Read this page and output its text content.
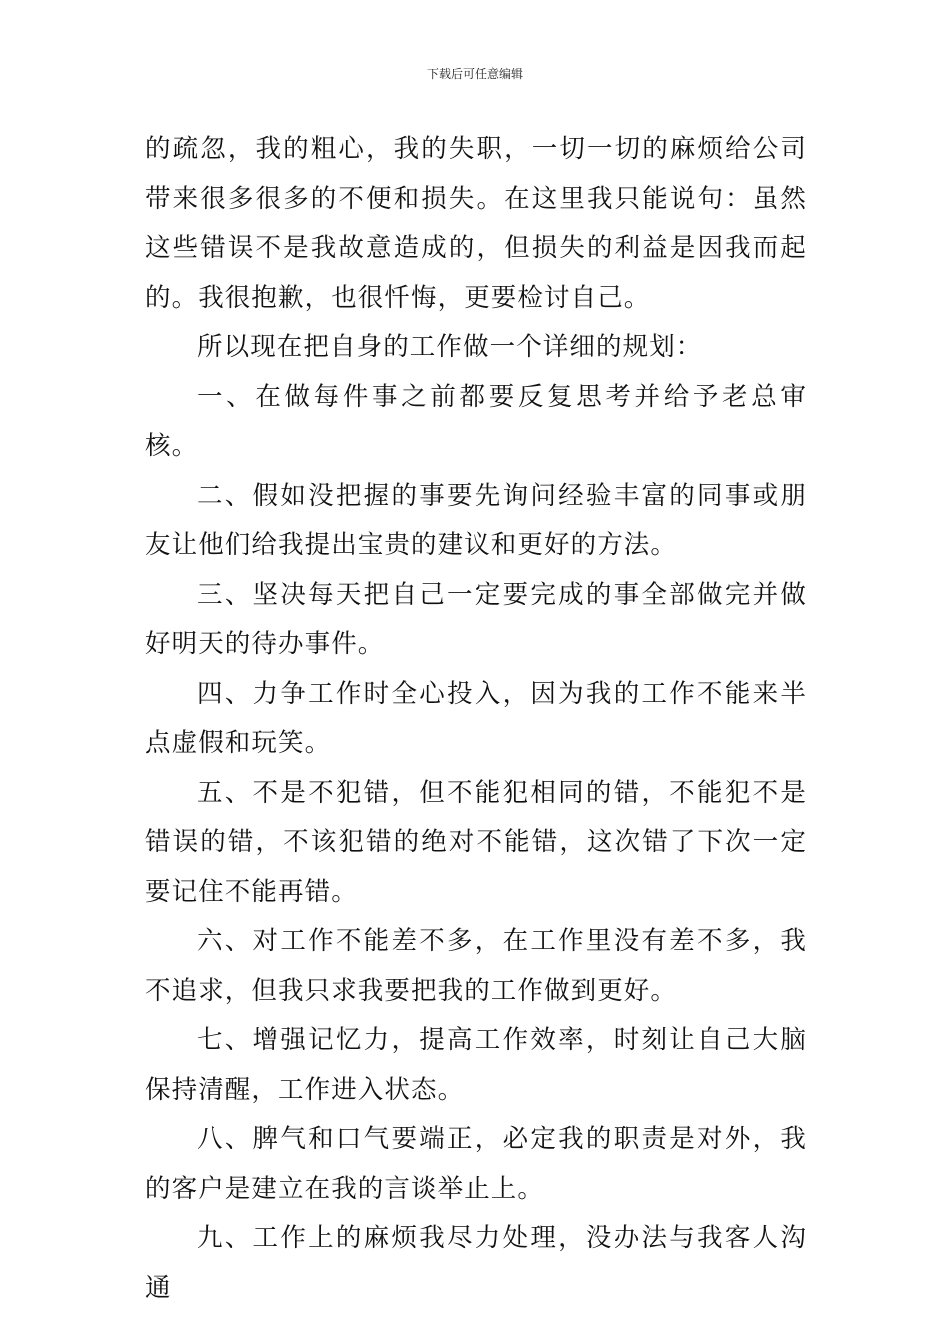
下载后可任意编辑

的疏忽，我的粗心，我的失职，一切一切的麻烦给公司带来很多很多的不便和损失。在这里我只能说句：虽然这些错误不是我故意造成的，但损失的利益是因我而起的。我很抱歉，也很忏悔，更要检讨自己。

所以现在把自身的工作做一个详细的规划：

一、在做每件事之前都要反复思考并给予老总审核。

二、假如没把握的事要先询问经验丰富的同事或朋友让他们给我提出宝贵的建议和更好的方法。

三、坚决每天把自己一定要完成的事全部做完并做好明天的待办事件。

四、力争工作时全心投入，因为我的工作不能来半点虚假和玩笑。

五、不是不犯错，但不能犯相同的错，不能犯不是错误的错，不该犯错的绝对不能错，这次错了下次一定要记住不能再错。

六、对工作不能差不多，在工作里没有差不多，我不追求，但我只求我要把我的工作做到更好。

七、增强记忆力，提高工作效率，时刻让自己大脑保持清醒，工作进入状态。

八、脾气和口气要端正，必定我的职责是对外，我的客户是建立在我的言谈举止上。

九、工作上的麻烦我尽力处理，没办法与我客人沟通
